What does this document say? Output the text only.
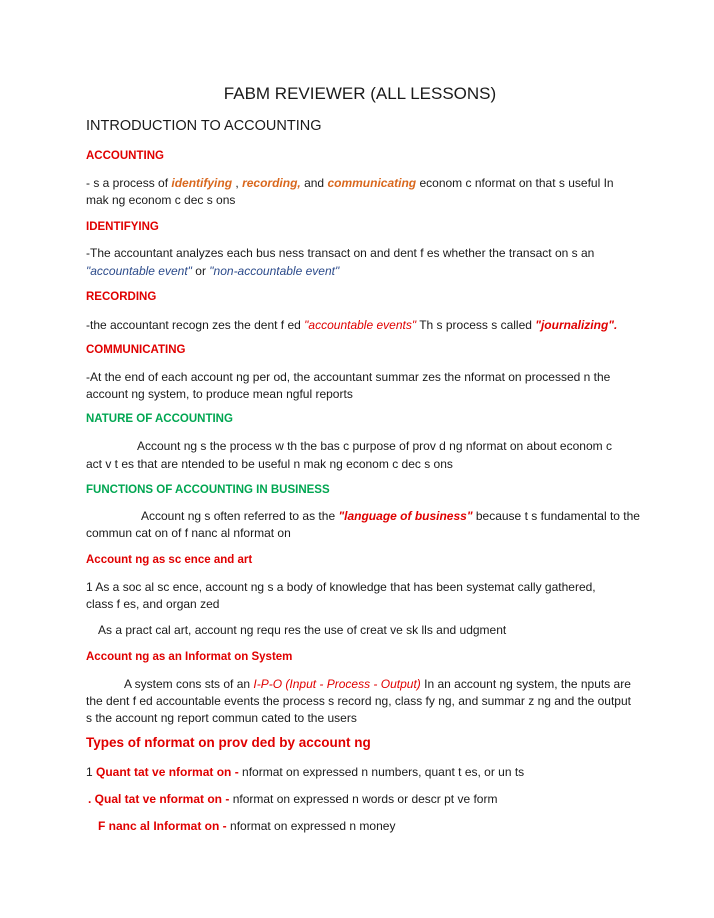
FABM REVIEWER (ALL LESSONS)
INTRODUCTION TO ACCOUNTING
ACCOUNTING
- s a process of identifying , recording, and communicating econom c nformat on that s useful In
mak ng econom c dec s ons
IDENTIFYING
-The accountant analyzes each bus ness transact on and dent f es whether the transact on s an
"accountable event" or "non-accountable event"
RECORDING
-the accountant recogn zes the dent f ed "accountable events" Th s process s called "journalizing".
COMMUNICATING
-At the end of each account ng per od, the accountant summar zes the nformat on processed n the
account ng system, to produce mean ngful reports
NATURE OF ACCOUNTING
Account ng s the process w th the bas c purpose of prov d ng nformat on about econom c
act v t es that are ntended to be useful n mak ng econom c dec s ons
FUNCTIONS OF ACCOUNTING IN BUSINESS
Account ng s often referred to as the "language of business" because t s fundamental to the
commun cat on of f nanc al nformat on
Account ng as sc ence and art
1 As a soc al sc ence, account ng s a body of knowledge that has been systemat cally gathered,
class f es, and organ zed
As a pract cal art, account ng requ res the use of creat ve sk lls and udgment
Account ng as an Informat on System
A system cons sts of an I-P-O (Input - Process - Output) In an account ng system, the nputs are
the dent f ed accountable events the process s record ng, class fy ng, and summar z ng and the output
s the account ng report commun cated to the users
Types of nformat on prov ded by account ng
1 Quant tat ve nformat on - nformat on expressed n numbers, quant t es, or un ts
. Qual tat ve nformat on - nformat on expressed n words or descr pt ve form
F nanc al Informat on - nformat on expressed n money
